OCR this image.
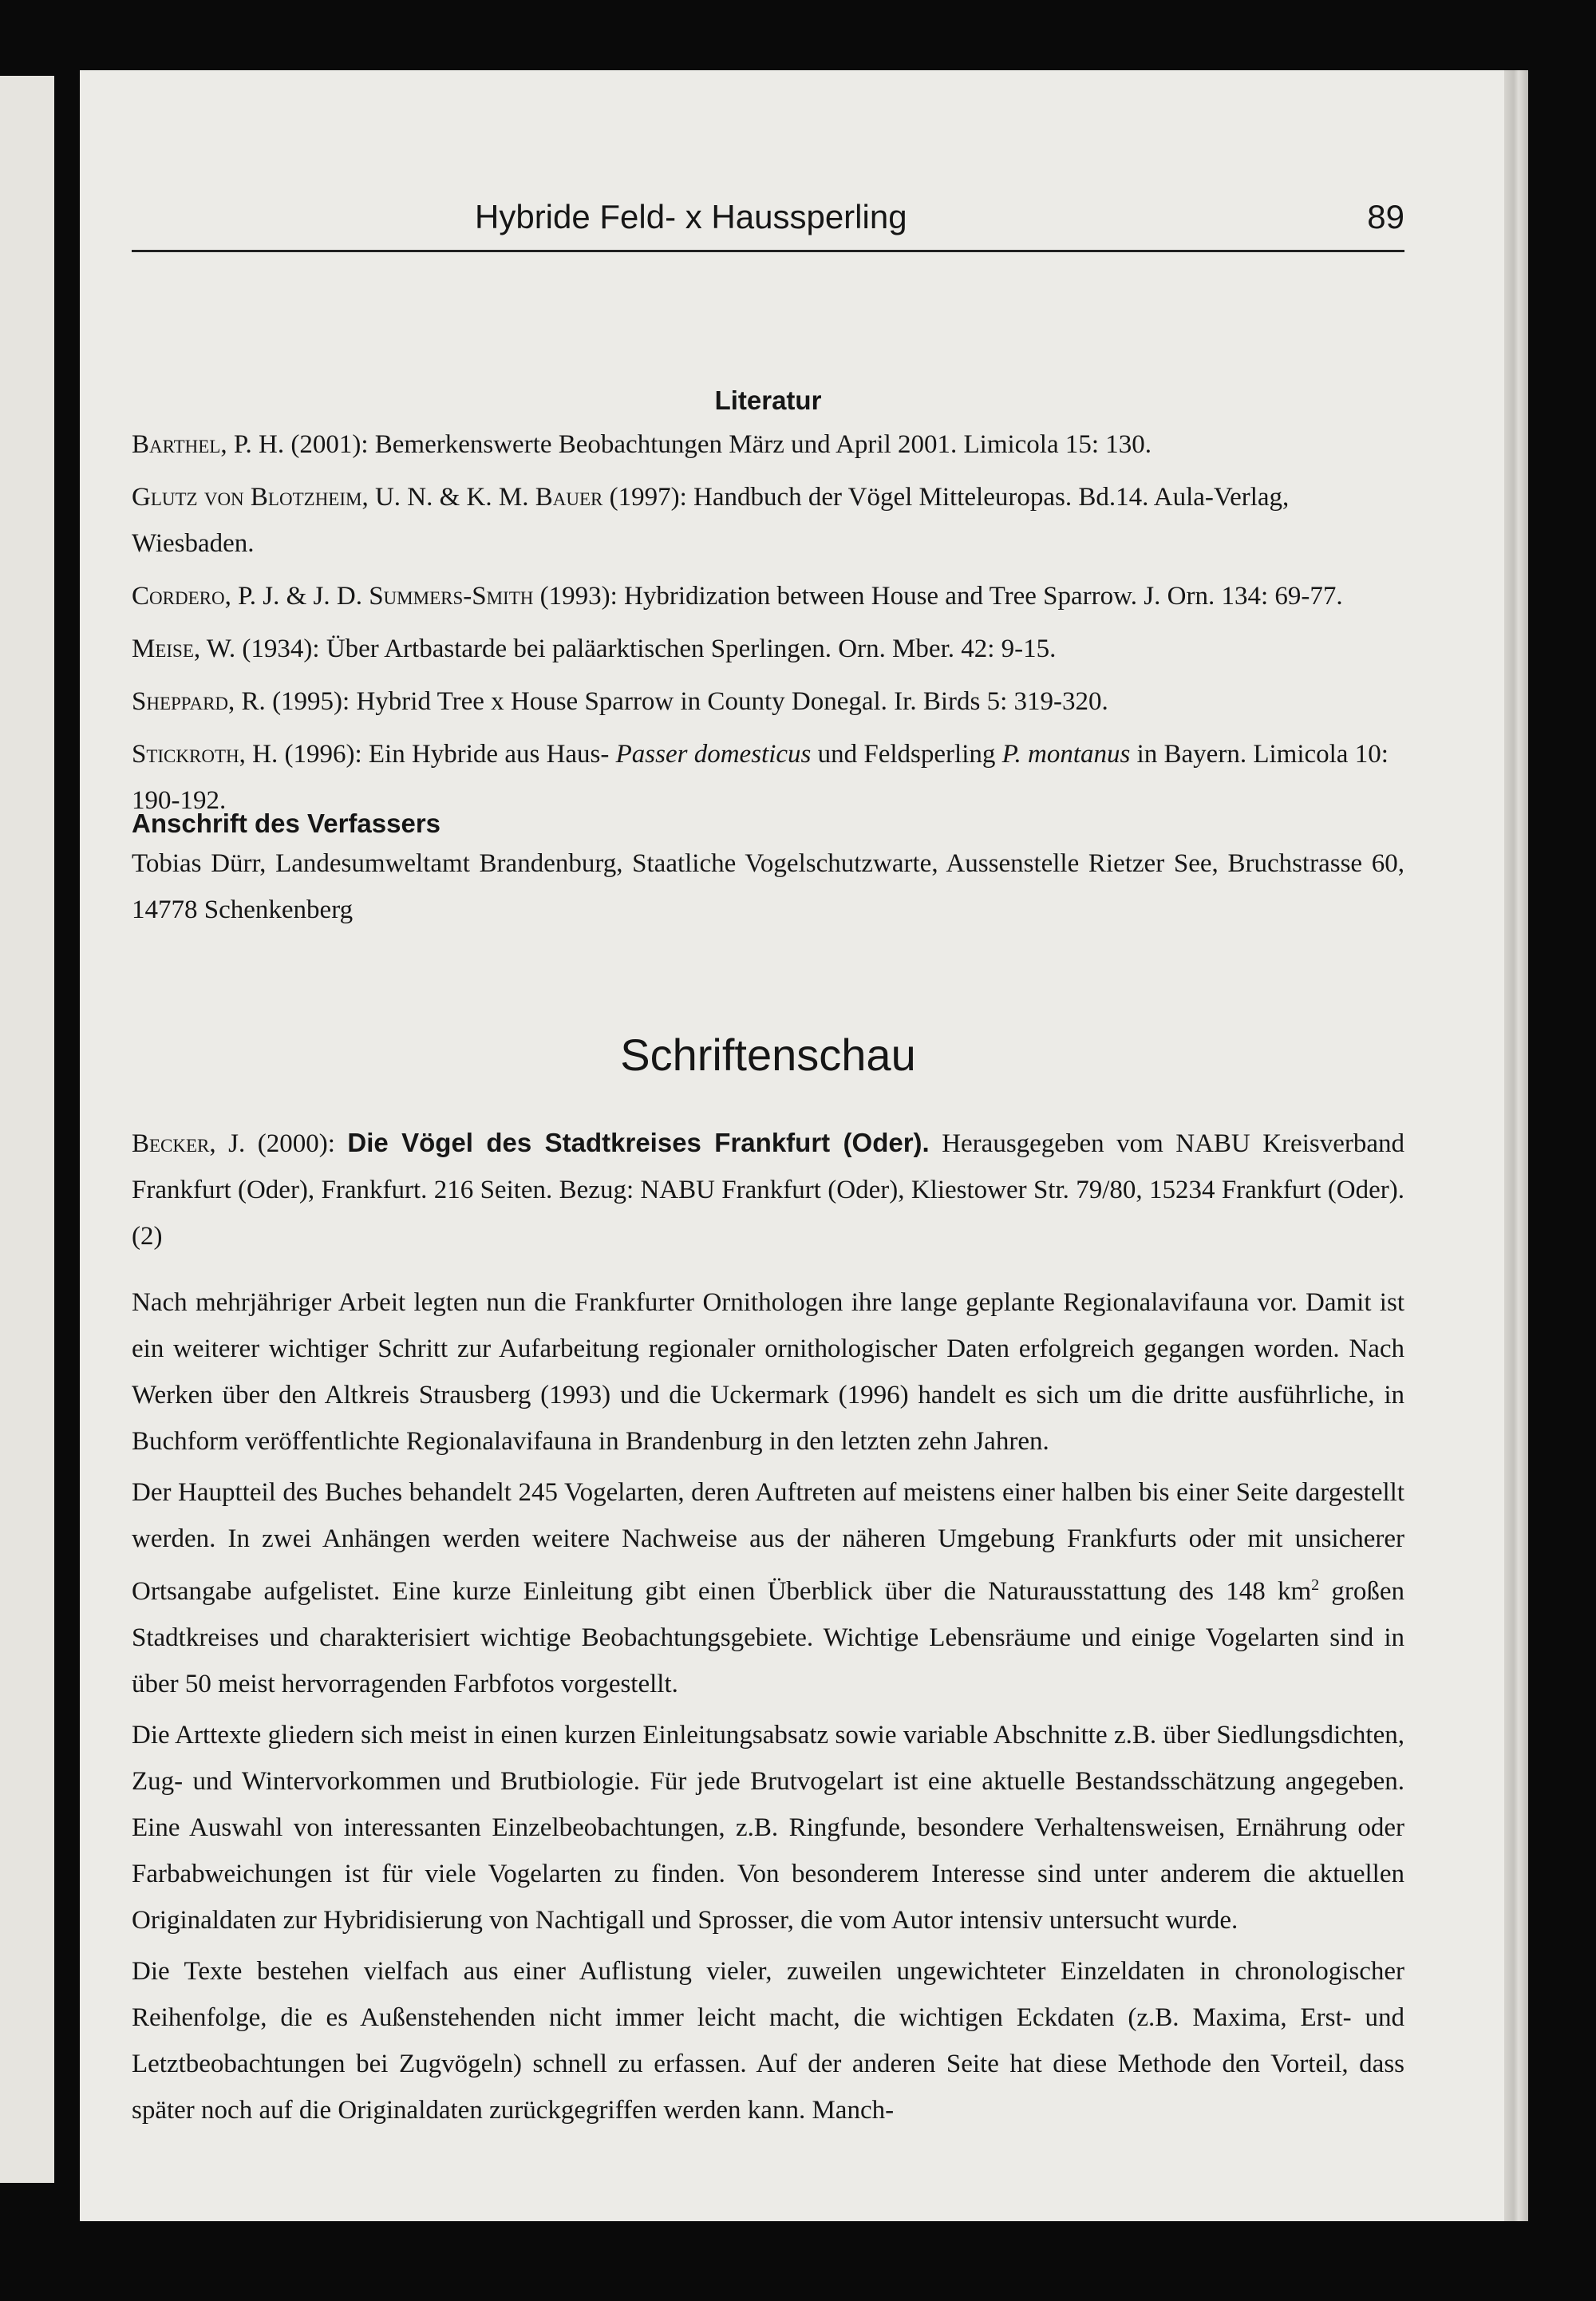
Hybride Feld- x Haussperling	89
Literatur

Barthel, P. H. (2001): Bemerkenswerte Beobachtungen März und April 2001. Limicola 15: 130.

Glutz von Blotzheim, U. N. & K. M. Bauer (1997): Handbuch der Vögel Mitteleuropas. Bd.14. Aula-Verlag, Wiesbaden.

Cordero, P. J. & J. D. Summers-Smith (1993): Hybridization between House and Tree Sparrow. J. Orn. 134: 69-77.

Meise, W. (1934): Über Artbastarde bei paläarktischen Sperlingen. Orn. Mber. 42: 9-15.

Sheppard, R. (1995): Hybrid Tree x House Sparrow in County Donegal. Ir. Birds 5: 319-320.

Stickroth, H. (1996): Ein Hybride aus Haus- Passer domesticus und Feldsperling P. montanus in Bayern. Limicola 10: 190-192.

Anschrift des Verfassers
Tobias Dürr, Landesumweltamt Brandenburg, Staatliche Vogelschutzwarte, Aussenstelle Rietzer See, Bruchstrasse 60, 14778 Schenkenberg
Schriftenschau
Becker, J. (2000): Die Vögel des Stadtkreises Frankfurt (Oder). Herausgegeben vom NABU Kreisverband Frankfurt (Oder), Frankfurt. 216 Seiten. Bezug: NABU Frankfurt (Oder), Kliestower Str. 79/80, 15234 Frankfurt (Oder). (2)

Nach mehrjähriger Arbeit legten nun die Frankfurter Ornithologen ihre lange geplante Regionalavifauna vor. Damit ist ein weiterer wichtiger Schritt zur Aufarbeitung regionaler ornithologischer Daten erfolgreich gegangen worden. Nach Werken über den Altkreis Strausberg (1993) und die Uckermark (1996) handelt es sich um die dritte ausführliche, in Buchform veröffentlichte Regionalavifauna in Brandenburg in den letzten zehn Jahren.

Der Hauptteil des Buches behandelt 245 Vogelarten, deren Auftreten auf meistens einer halben bis einer Seite dargestellt werden. In zwei Anhängen werden weitere Nachweise aus der näheren Umgebung Frankfurts oder mit unsicherer Ortsangabe aufgelistet. Eine kurze Einleitung gibt einen Überblick über die Naturausstattung des 148 $km^2$ großen Stadtkreises und charakterisiert wichtige Beobachtungsgebiete. Wichtige Lebensräume und einige Vogelarten sind in über 50 meist hervorragenden Farbfotos vorgestellt.

Die Arttexte gliedern sich meist in einen kurzen Einleitungsabsatz sowie variable Abschnitte z.B. über Siedlungsdichten, Zug- und Wintervorkommen und Brutbiologie. Für jede Brutvogelart ist eine aktuelle Bestandsschätzung angegeben. Eine Auswahl von interessanten Einzelbeobachtungen, z.B. Ringfunde, besondere Verhaltensweisen, Ernährung oder Farbabweichungen ist für viele Vogelarten zu finden. Von besonderem Interesse sind unter anderem die aktuellen Originaldaten zur Hybridisierung von Nachtigall und Sprosser, die vom Autor intensiv untersucht wurde.

Die Texte bestehen vielfach aus einer Auflistung vieler, zuweilen ungewichteter Einzeldaten in chronologischer Reihenfolge, die es Außenstehenden nicht immer leicht macht, die wichtigen Eckdaten (z.B. Maxima, Erst- und Letztbeobachtungen bei Zugvögeln) schnell zu erfassen. Auf der anderen Seite hat diese Methode den Vorteil, dass später noch auf die Originaldaten zurückgegriffen werden kann. Manch-
